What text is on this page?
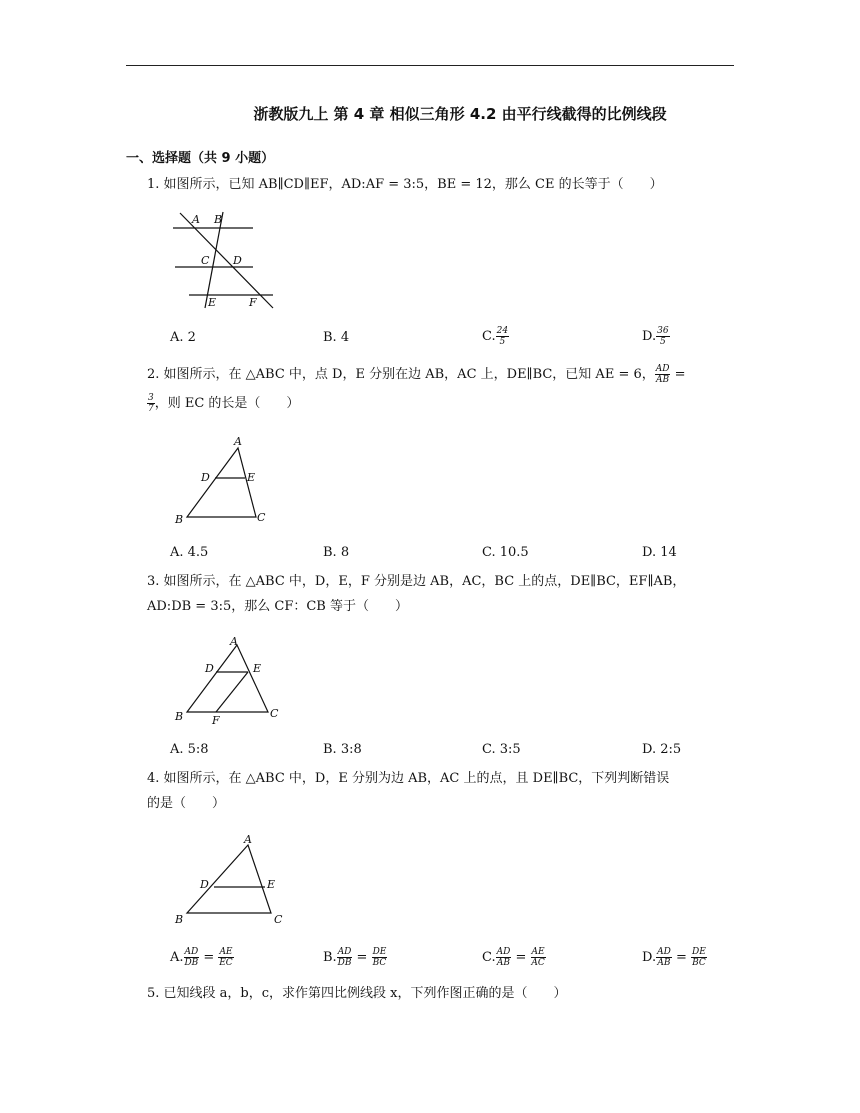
浙教版九上 第 4 章 相似三角形 4.2 由平行线截得的比例线段
一、选择题（共 9 小题）
1. 如图所示，已知 AB∥CD∥EF，AD:AF = 3:5，BE = 12，那么 CE 的长等于（　　）
A B
C D
E	F
A. 2	B. 4	C. $\frac{24}{5}$	D. $\frac{36}{5}$
2. 如图所示，在 △ABC 中，点 D，E 分别在边 AB，AC 上，DE∥BC，已知 AE = 6， $\frac{AD}{AB}$ =
$\frac{3}{7}$ ，则 EC 的长是（　　）
A
D	E
B	C
A. 4.5	B. 8	C. 10.5	D. 14
3. 如图所示，在 △ABC 中，D，E，F 分别是边 AB，AC，BC 上的点，DE∥BC，EF∥AB，
AD:DB = 3:5，那么 CF：CB 等于（　　）
A
D	E
B	F
C
A. 5:8	B. 3:8	C. 3:5	D. 2:5
4. 如图所示，在 △ABC 中，D，E 分别为边 AB，AC 上的点，且 DE∥BC，下列判断错误
的是（　　）
A
D	E
B	C
A. $\frac{AD}{DB} = \frac{AE}{EC}$	B. $\frac{AD}{DB} = \frac{DE}{BC}$	C. $\frac{AD}{AB} = \frac{AE}{AC}$	D. $\frac{AD}{AB} = \frac{DE}{BC}$
5. 已知线段 a，b，c，求作第四比例线段 x，下列作图正确的是（　　）
